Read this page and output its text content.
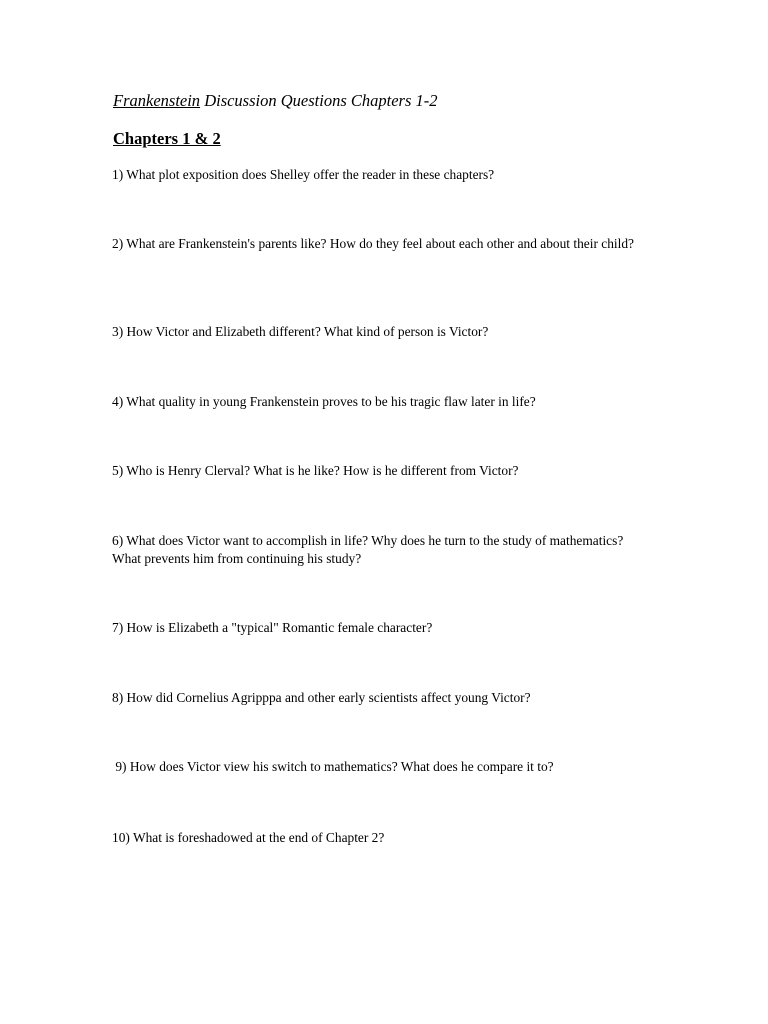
Frankenstein Discussion Questions Chapters 1-2
Chapters 1 & 2
1) What plot exposition does Shelley offer the reader in these chapters?
2) What are Frankenstein's parents like? How do they feel about each other and about their child?
3) How Victor and Elizabeth different? What kind of person is Victor?
4) What quality in young Frankenstein proves to be his tragic flaw later in life?
5) Who is Henry Clerval? What is he like? How is he different from Victor?
6) What does Victor want to accomplish in life? Why does he turn to the study of mathematics? What prevents him from continuing his study?
7) How is Elizabeth a "typical" Romantic female character?
8) How did Cornelius Agripppa and other early scientists affect young Victor?
9) How does Victor view his switch to mathematics? What does he compare it to?
10) What is foreshadowed at the end of Chapter 2?
